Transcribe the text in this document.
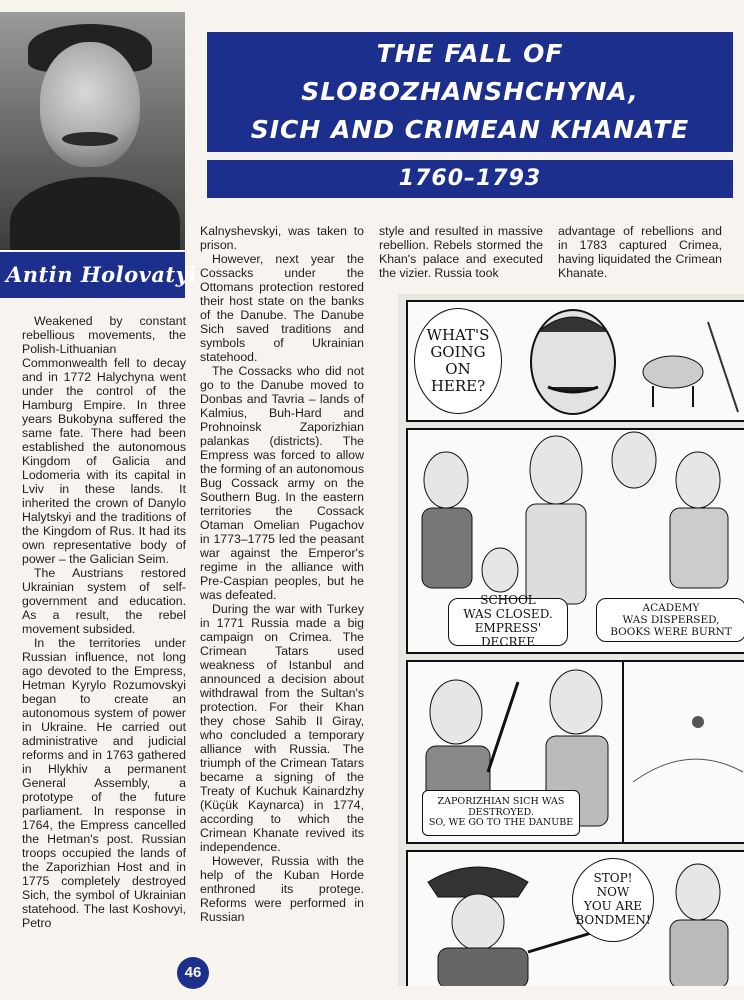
Antin Holovatyi
THE FALL OF SLOBOZHANSHCHYNA,
SICH AND CRIMEAN KHANATE
1760–1793

Weakened by constant rebellious movements, the Polish-Lithuanian Commonwealth fell to decay and in 1772 Halychyna went under the control of the Hamburg Empire. In three years Bukobyna suffered the same fate. There had been established the autonomous Kingdom of Galicia and Lodomeria with its capital in Lviv in these lands. It inherited the crown of Danylo Halytskyi and the traditions of the Kingdom of Rus. It had its own representative body of power – the Galician Seim.

The Austrians restored Ukrainian system of self-government and education. As a result, the rebel movement subsided.

In the territories under Russian influence, not long ago devoted to the Empress, Hetman Kyrylo Rozumovskyi began to create an autonomous system of power in Ukraine. He carried out administrative and judicial reforms and in 1763 gathered in Hlykhiv a permanent General Assembly, a prototype of the future parliament. In response in 1764, the Empress cancelled the Hetman's post. Russian troops occupied the lands of the Zaporizhian Host and in 1775 completely destroyed Sich, the symbol of Ukrainian statehood. The last Koshovyi, Petro

Kalnyshevskyi, was taken to prison.

However, next year the Cossacks under the Ottomans protection restored their host state on the banks of the Danube. The Danube Sich saved traditions and symbols of Ukrainian statehood.

The Cossacks who did not go to the Danube moved to Donbas and Tavria – lands of Kalmius, Buh-Hard and Prohnoinsk Zaporizhian palankas (districts). The Empress was forced to allow the forming of an autonomous Bug Cossack army on the Southern Bug. In the eastern territories the Cossack Otaman Omelian Pugachov in 1773–1775 led the peasant war against the Emperor's regime in the alliance with Pre-Caspian peoples, but he was defeated.

During the war with Turkey in 1771 Russia made a big campaign on Crimea. The Crimean Tatars used weakness of Istanbul and announced a decision about withdrawal from the Sultan's protection. For their Khan they chose Sahib II Giray, who concluded a temporary alliance with Russia. The triumph of the Crimean Tatars became a signing of the Treaty of Kuchuk Kainardzhy (Küçük Kaynarca) in 1774, according to which the Crimean Khanate revived its independence.

However, Russia with the help of the Kuban Horde enthroned its protege. Reforms were performed in Russian

style and resulted in massive rebellion. Rebels stormed the Khan's palace and executed the vizier. Russia took

advantage of rebellions and in 1783 captured Crimea, having liquidated the Crimean Khanate.

WHAT'S
GOING
ON
HERE?
SCHOOL
WAS CLOSED.
EMPRESS' DECREE
ACADEMY
WAS DISPERSED,
BOOKS WERE BURNT
ZAPORIZHIAN SICH WAS
DESTROYED.
SO, WE GO TO THE DANUBE
STOP!
NOW
YOU ARE
BONDMEN!
46
